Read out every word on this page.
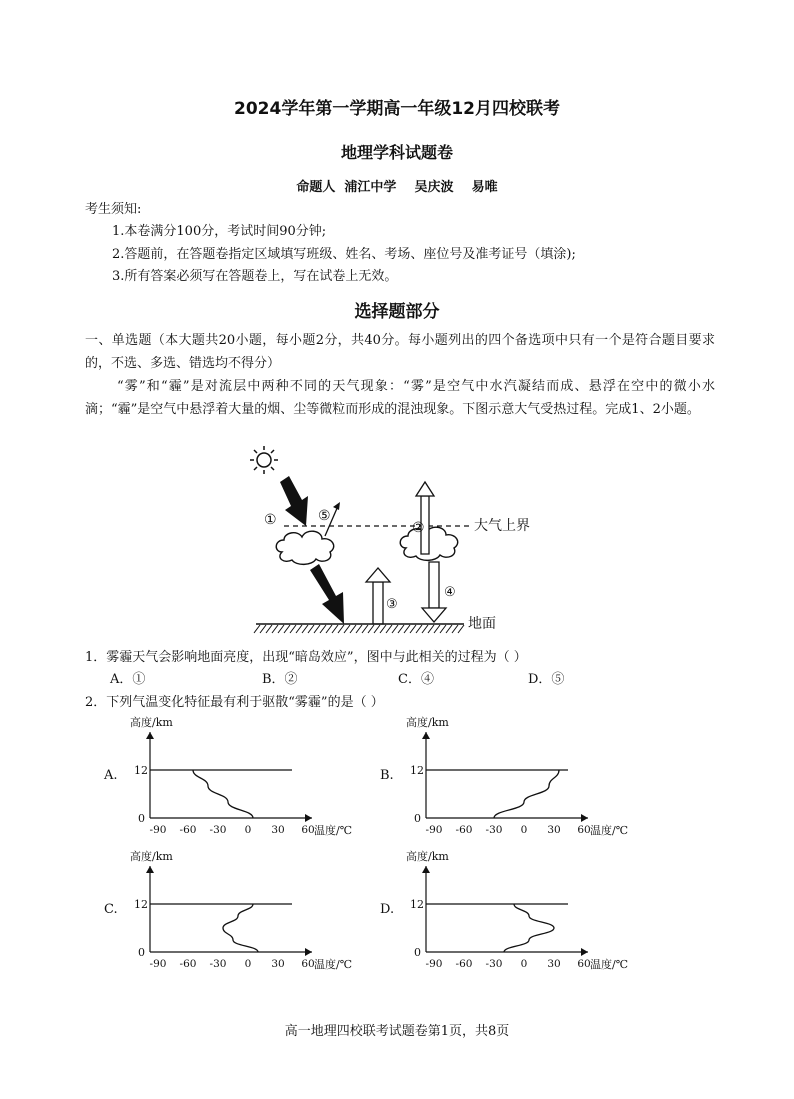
2024学年第一学期高一年级12月四校联考
地理学科试题卷
命题人  浦江中学    吴庆波    易唯
考生须知:
1.本卷满分100分，考试时间90分钟;
2.答题前，在答题卷指定区域填写班级、姓名、考场、座位号及准考证号（填涂);
3.所有答案必须写在答题卷上，写在试卷上无效。
选择题部分
一、单选题（本大题共20小题，每小题2分，共40分。每小题列出的四个备选项中只有一个是符合题目要求的，不选、多选、错选均不得分）
“雾”和“霾”是对流层中两种不同的天气现象：“雾”是空气中水汽凝结而成、悬浮在空中的微小水滴；“霾”是空气中悬浮着大量的烟、尘等微粒而形成的混浊现象。下图示意大气受热过程。完成1、2小题。
①	⑤
②
③
④
大气上界
地面
1．雾霾天气会影响地面亮度，出现“暗岛效应”，图中与此相关的过程为（ ）
A．①	B．②	C．④	D．⑤
2．下列气温变化特征最有利于驱散“雾霾”的是（ ）
A.
高度/km
12
0
-90 -60 -30 0 30 60 温度/℃
B.
高度/km
12
0
-90 -60 -30 0 30 60 温度/℃
C.
高度/km
12
0
-90 -60 -30 0 30 60 温度/℃
D.
高度/km
12
0
-90 -60 -30 0 30 60 温度/℃
高一地理四校联考试题卷第1页，共8页
